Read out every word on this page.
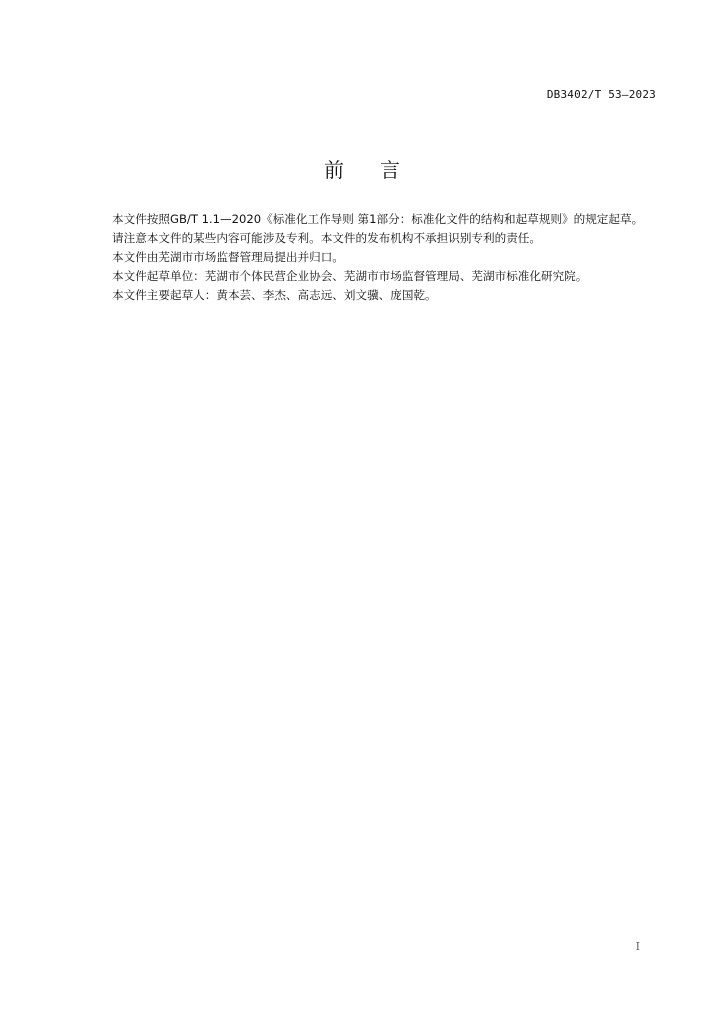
DB3402/T 53—2023
前言

本文件按照GB/T 1.1—2020《标准化工作导则 第1部分：标准化文件的结构和起草规则》的规定起草。

请注意本文件的某些内容可能涉及专利。本文件的发布机构不承担识别专利的责任。

本文件由芜湖市市场监督管理局提出并归口。

本文件起草单位：芜湖市个体民营企业协会、芜湖市市场监督管理局、芜湖市标准化研究院。

本文件主要起草人：黄本芸、李杰、高志远、刘文骥、庞国乾。

I
